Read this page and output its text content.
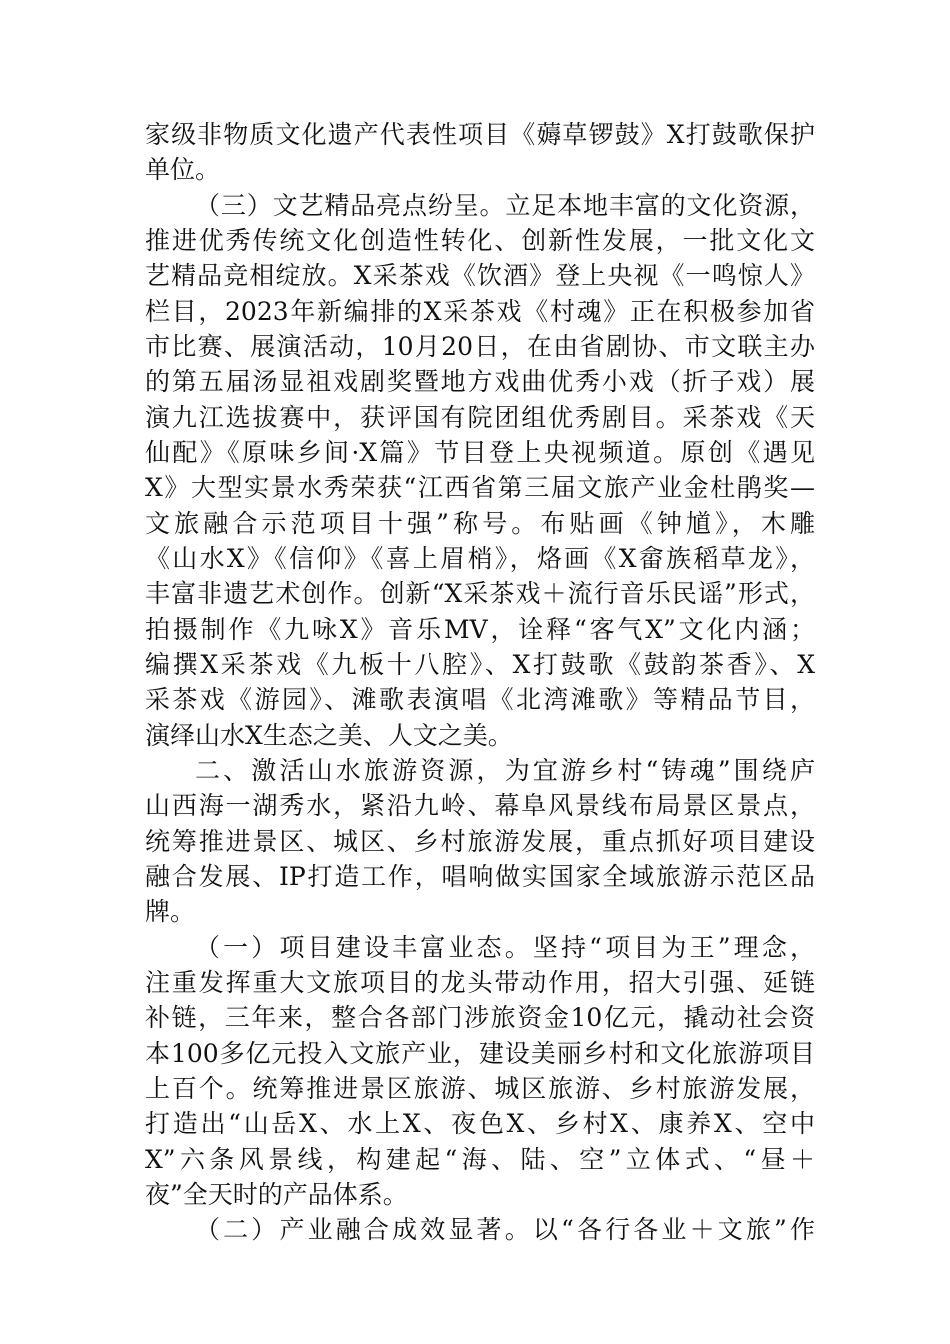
家级非物质文化遗产代表性项目《薅草锣鼓》X打鼓歌保护
单位。
（三）文艺精品亮点纷呈。立足本地丰富的文化资源，
推进优秀传统文化创造性转化、创新性发展，一批文化文
艺精品竞相绽放。X采茶戏《饮酒》登上央视《一鸣惊人》
栏目，2023年新编排的X采茶戏《村魂》正在积极参加省
市比赛、展演活动，10月20日，在由省剧协、市文联主办
的第五届汤显祖戏剧奖暨地方戏曲优秀小戏（折子戏）展
演九江选拔赛中，获评国有院团组优秀剧目。采茶戏《天
仙配》《原味乡间·X篇》节目登上央视频道。原创《遇见
X》大型实景水秀荣获“江西省第三届文旅产业金杜鹃奖—
文旅融合示范项目十强”称号。布贴画《钟馗》，木雕
《山水X》《信仰》《喜上眉梢》，烙画《X畲族稻草龙》，
丰富非遗艺术创作。创新“X采茶戏＋流行音乐民谣”形式，
拍摄制作《九咏X》音乐MV，诠释“客气X”文化内涵；
编撰X采茶戏《九板十八腔》、X打鼓歌《鼓韵茶香》、X
采茶戏《游园》、滩歌表演唱《北湾滩歌》等精品节目，
演绎山水X生态之美、人文之美。
二、激活山水旅游资源，为宜游乡村“铸魂”围绕庐
山西海一湖秀水，紧沿九岭、幕阜风景线布局景区景点，
统筹推进景区、城区、乡村旅游发展，重点抓好项目建设
融合发展、IP打造工作，唱响做实国家全域旅游示范区品
牌。
（一）项目建设丰富业态。坚持“项目为王”理念，
注重发挥重大文旅项目的龙头带动作用，招大引强、延链
补链，三年来，整合各部门涉旅资金10亿元，撬动社会资
本100多亿元投入文旅产业，建设美丽乡村和文化旅游项目
上百个。统筹推进景区旅游、城区旅游、乡村旅游发展，
打造出“山岳X、水上X、夜色X、乡村X、康养X、空中
X”六条风景线，构建起“海、陆、空”立体式、“昼＋
夜”全天时的产品体系。
（二）产业融合成效显著。以“各行各业＋文旅”作
